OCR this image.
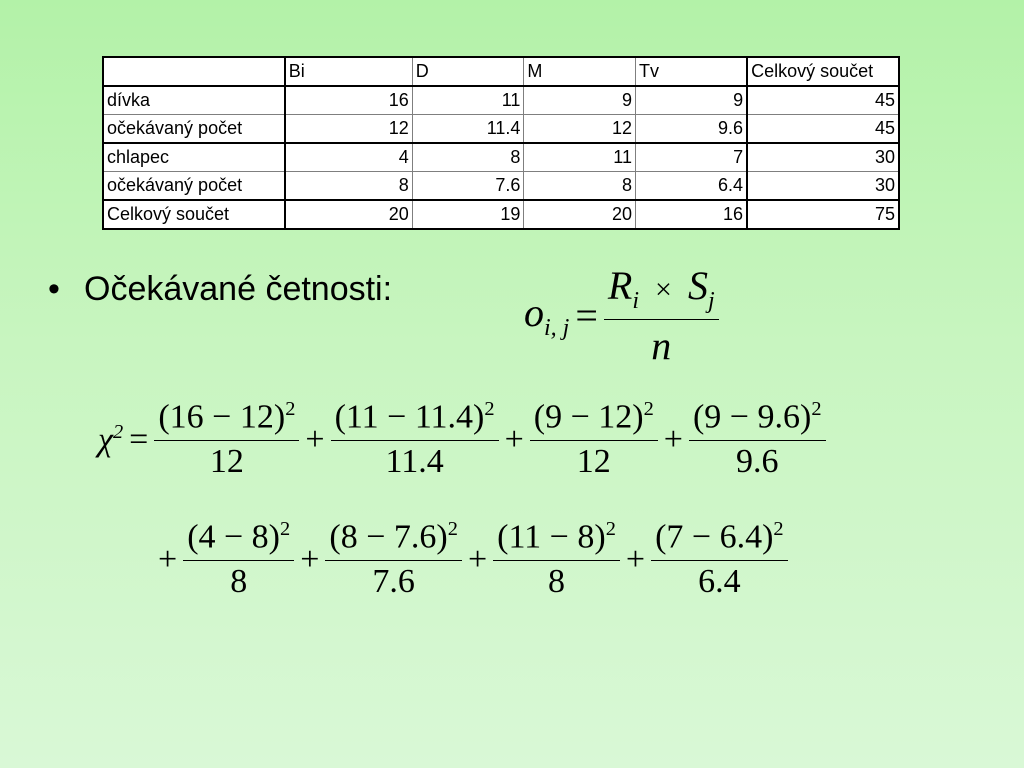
	Bi	D	M	Tv	Celkový součet
dívka	16	11	9	9	45
očekávaný počet	12	11.4	12	9.6	45
chlapec	4	8	11	7	30
očekávaný počet	8	7.6	8	6.4	30
Celkový součet	20	19	20	16	75
• Očekávané četnosti:
$o_{i, j} = \frac{R_i \times S_j}{n}$
$\chi^2 = \frac{(16 - 12)^2}{12} + \frac{(11 - 11.4)^2}{11.4} + \frac{(9 - 12)^2}{12} + \frac{(9 - 9.6)^2}{9.6}$
+ $\frac{(4 - 8)^2}{8} + \frac{(8 - 7.6)^2}{7.6} + \frac{(11 - 8)^2}{8} + \frac{(7 - 6.4)^2}{6.4}$
